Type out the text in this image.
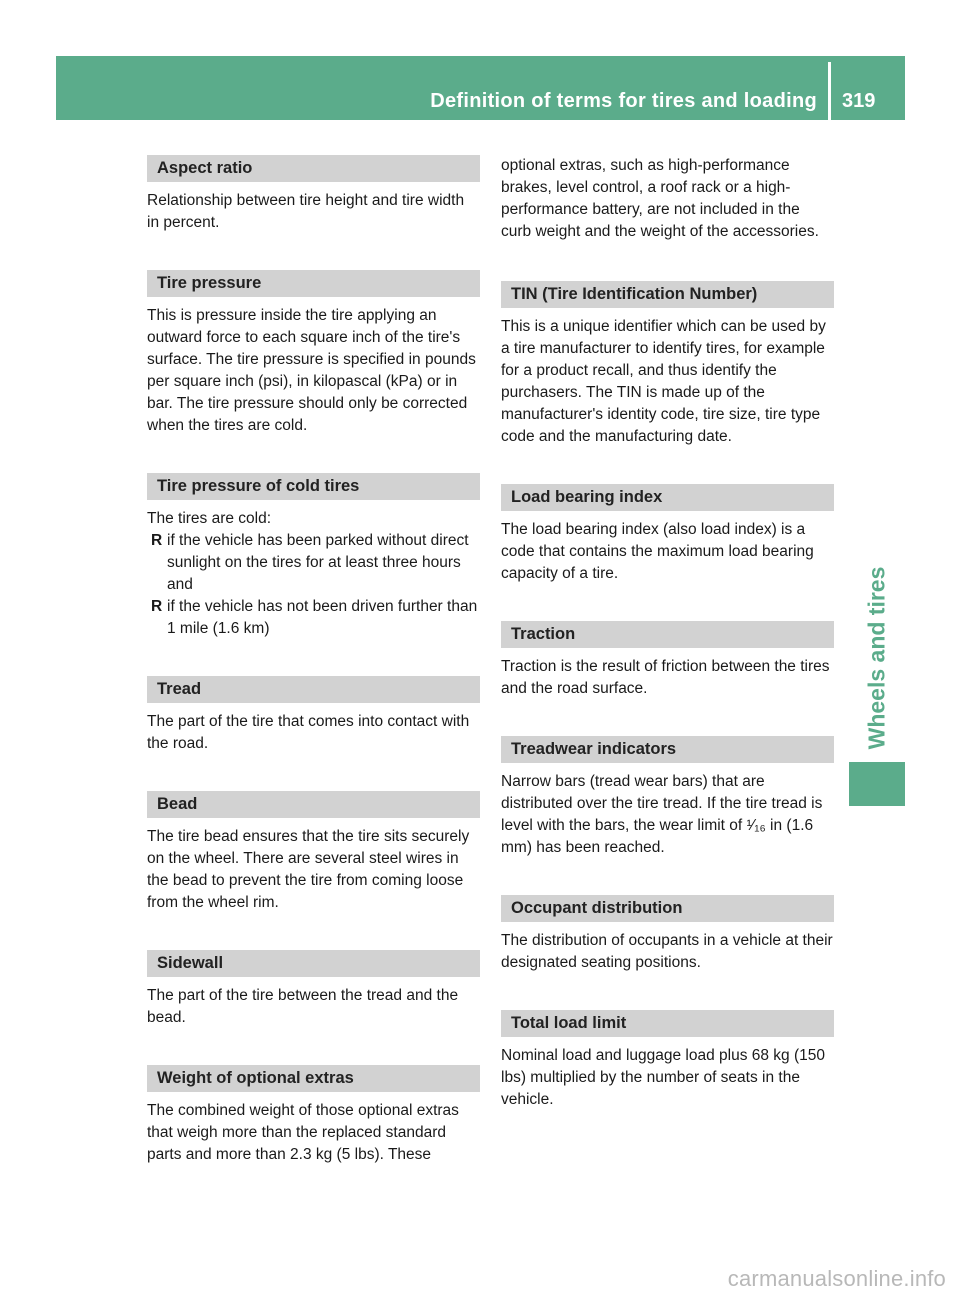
Definition of terms for tires and loading 319
Wheels and tires
Aspect ratio

Relationship between tire height and tire width in percent.

Tire pressure

This is pressure inside the tire applying an outward force to each square inch of the tire's surface. The tire pressure is specified in pounds per square inch (psi), in kilopascal (kPa) or in bar. The tire pressure should only be corrected when the tires are cold.

Tire pressure of cold tires

The tires are cold:

R if the vehicle has been parked without direct sunlight on the tires for at least three hours and
R if the vehicle has not been driven further than 1 mile (1.6 km)
Tread

The part of the tire that comes into contact with the road.

Bead

The tire bead ensures that the tire sits securely on the wheel. There are several steel wires in the bead to prevent the tire from coming loose from the wheel rim.

Sidewall

The part of the tire between the tread and the bead.

Weight of optional extras

The combined weight of those optional extras that weigh more than the replaced standard parts and more than 2.3 kg (5 lbs). These

optional extras, such as high-performance brakes, level control, a roof rack or a high-performance battery, are not included in the curb weight and the weight of the accessories.

TIN (Tire Identification Number)

This is a unique identifier which can be used by a tire manufacturer to identify tires, for example for a product recall, and thus identify the purchasers. The TIN is made up of the manufacturer's identity code, tire size, tire type code and the manufacturing date.

Load bearing index

The load bearing index (also load index) is a code that contains the maximum load bearing capacity of a tire.

Traction

Traction is the result of friction between the tires and the road surface.

Treadwear indicators

Narrow bars (tread wear bars) that are distributed over the tire tread. If the tire tread is level with the bars, the wear limit of ¹⁄₁₆ in (1.6 mm) has been reached.

Occupant distribution

The distribution of occupants in a vehicle at their designated seating positions.

Total load limit

Nominal load and luggage load plus 68 kg (150 lbs) multiplied by the number of seats in the vehicle.

carmanualsonline.info
